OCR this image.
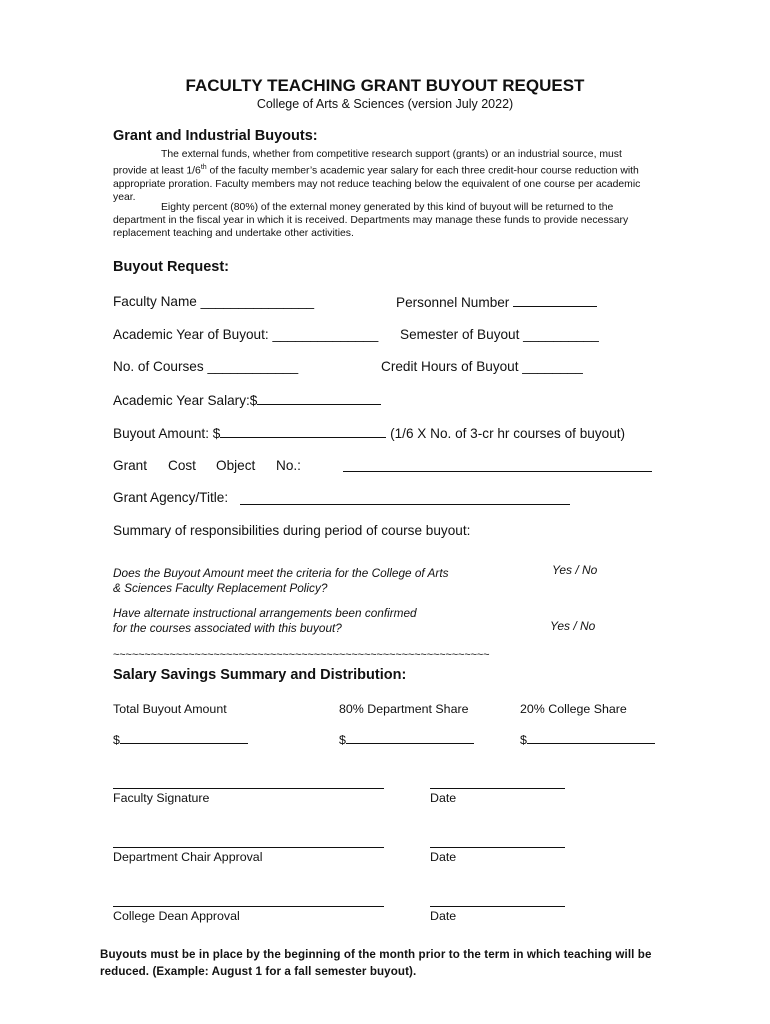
FACULTY TEACHING GRANT BUYOUT REQUEST
College of Arts & Sciences (version July 2022)
Grant and Industrial Buyouts:
The external funds, whether from competitive research support (grants) or an industrial source, must provide at least 1/6th of the faculty member’s academic year salary for each three credit-hour course reduction with appropriate proration. Faculty members may not reduce teaching below the equivalent of one course per academic year.
Eighty percent (80%) of the external money generated by this kind of buyout will be returned to the department in the fiscal year in which it is received. Departments may manage these funds to provide necessary replacement teaching and undertake other activities.
Buyout Request:
Faculty Name _______________	Personnel Number
Academic Year of Buyout: ______________ Semester of Buyout __________
No. of Courses ____________	Credit Hours of Buyout ________
Academic Year Salary:$
Buyout Amount: $	(1/6 X No. of 3-cr hr courses of buyout)
Grant Cost Object No.:
Grant Agency/Title:
Summary of responsibilities during period of course buyout:
Does the Buyout Amount meet the criteria for the College of Arts & Sciences Faculty Replacement Policy?
Yes / No
Have alternate instructional arrangements been confirmed for the courses associated with this buyout?	Yes / No
~~~~~~~~~~~~~~~~~~~~~~~~~~~~~~~~~~~~~~~~~~~~~~~~~~~~~~~~~~~~
Salary Savings Summary and Distribution:
Total Buyout Amount	80% Department Share	20% College Share
$	$	$
Faculty Signature	Date
Department Chair Approval	Date
College Dean Approval	Date
Buyouts must be in place by the beginning of the month prior to the term in which teaching will be reduced. (Example: August 1 for a fall semester buyout).
